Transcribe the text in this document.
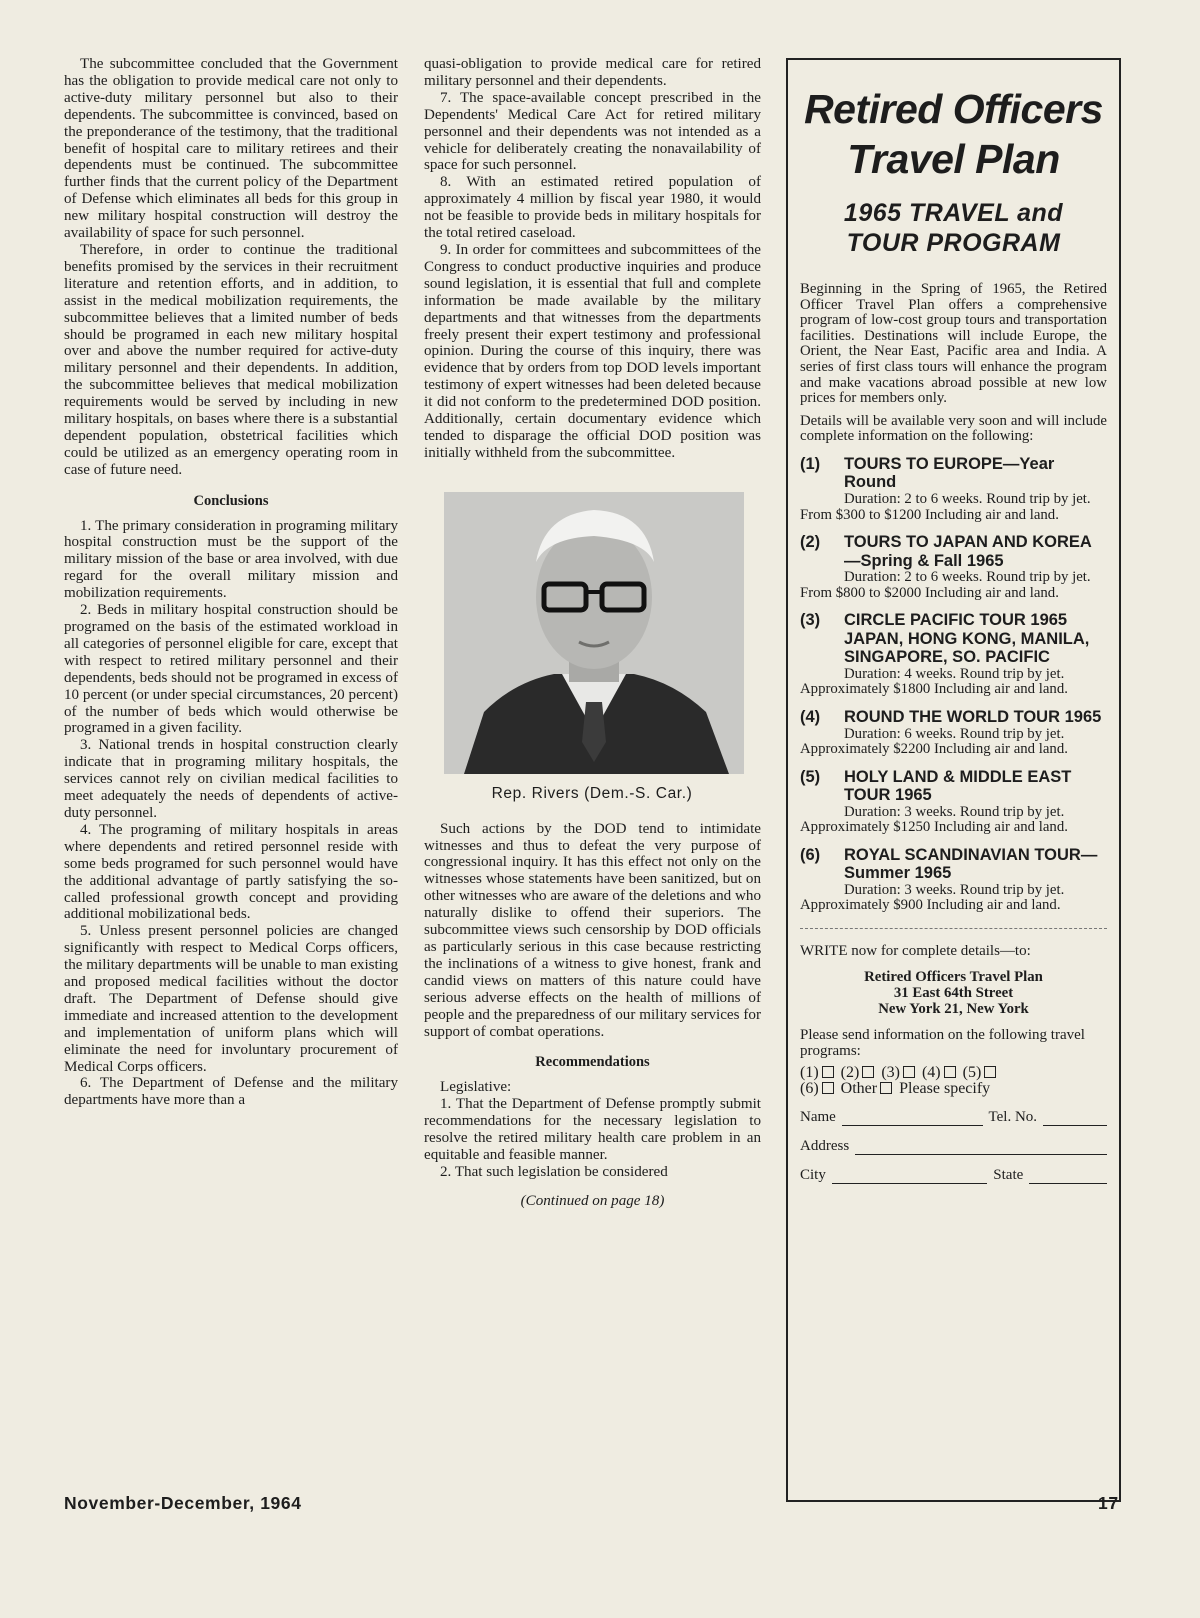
The subcommittee concluded that the Government has the obligation to provide medical care not only to active-duty military personnel but also to their dependents. The subcommittee is convinced, based on the preponderance of the testimony, that the traditional benefit of hospital care to military retirees and their dependents must be continued. The subcommittee further finds that the current policy of the Department of Defense which eliminates all beds for this group in new military hospital construction will destroy the availability of space for such personnel.

Therefore, in order to continue the traditional benefits promised by the services in their recruitment literature and retention efforts, and in addition, to assist in the medical mobilization requirements, the subcommittee believes that a limited number of beds should be programed in each new military hospital over and above the number required for active-duty military personnel and their dependents. In addition, the subcommittee believes that medical mobilization requirements would be served by including in new military hospitals, on bases where there is a substantial dependent population, obstetrical facilities which could be utilized as an emergency operating room in case of future need.

Conclusions

1. The primary consideration in programing military hospital construction must be the support of the military mission of the base or area involved, with due regard for the overall military mission and mobilization requirements.

2. Beds in military hospital construction should be programed on the basis of the estimated workload in all categories of personnel eligible for care, except that with respect to retired military personnel and their dependents, beds should not be programed in excess of 10 percent (or under special circumstances, 20 percent) of the number of beds which would otherwise be programed in a given facility.

3. National trends in hospital construction clearly indicate that in programing military hospitals, the services cannot rely on civilian medical facilities to meet adequately the needs of dependents of active-duty personnel.

4. The programing of military hospitals in areas where dependents and retired personnel reside with some beds programed for such personnel would have the additional advantage of partly satisfying the so-called professional growth concept and providing additional mobilizational beds.

5. Unless present personnel policies are changed significantly with respect to Medical Corps officers, the military departments will be unable to man existing and proposed medical facilities without the doctor draft. The Department of Defense should give immediate and increased attention to the development and implementation of uniform plans which will eliminate the need for involuntary procurement of Medical Corps officers.

6. The Department of Defense and the military departments have more than a

quasi-obligation to provide medical care for retired military personnel and their dependents.

7. The space-available concept prescribed in the Dependents' Medical Care Act for retired military personnel and their dependents was not intended as a vehicle for deliberately creating the nonavailability of space for such personnel.

8. With an estimated retired population of approximately 4 million by fiscal year 1980, it would not be feasible to provide beds in military hospitals for the total retired caseload.

9. In order for committees and subcommittees of the Congress to conduct productive inquiries and produce sound legislation, it is essential that full and complete information be made available by the military departments and that witnesses from the departments freely present their expert testimony and professional opinion. During the course of this inquiry, there was evidence that by orders from top DOD levels important testimony of expert witnesses had been deleted because it did not conform to the predetermined DOD position. Additionally, certain documentary evidence which tended to disparage the official DOD position was initially withheld from the subcommittee.

Rep. Rivers (Dem.-S. Car.)

Such actions by the DOD tend to intimidate witnesses and thus to defeat the very purpose of congressional inquiry. It has this effect not only on the witnesses whose statements have been sanitized, but on other witnesses who are aware of the deletions and who naturally dislike to offend their superiors. The subcommittee views such censorship by DOD officials as particularly serious in this case because restricting the inclinations of a witness to give honest, frank and candid views on matters of this nature could have serious adverse effects on the health of millions of people and the preparedness of our military services for support of combat operations.

Recommendations

Legislative:

1. That the Department of Defense promptly submit recommendations for the necessary legislation to resolve the retired military health care problem in an equitable and feasible manner.

2. That such legislation be considered

(Continued on page 18)
Retired Officers
Travel Plan
1965 TRAVEL and
TOUR PROGRAM

Beginning in the Spring of 1965, the Retired Officer Travel Plan offers a comprehensive program of low-cost group tours and transportation facilities. Destinations will include Europe, the Orient, the Near East, Pacific area and India. A series of first class tours will enhance the program and make vacations abroad possible at new low prices for members only.

Details will be available very soon and will include complete information on the following:

(1)	TOURS TO EUROPE—Year Round
Duration: 2 to 6 weeks. Round trip by jet.
From $300 to $1200 Including air and land.
(2)	TOURS TO JAPAN AND KOREA—Spring & Fall 1965
Duration: 2 to 6 weeks. Round trip by jet.
From $800 to $2000 Including air and land.
(3)	CIRCLE PACIFIC TOUR 1965 JAPAN, HONG KONG, MANILA, SINGAPORE, SO. PACIFIC
Duration: 4 weeks. Round trip by jet.
Approximately $1800 Including air and land.
(4)	ROUND THE WORLD TOUR 1965
Duration: 6 weeks. Round trip by jet.
Approximately $2200 Including air and land.
(5)	HOLY LAND & MIDDLE EAST TOUR 1965
Duration: 3 weeks. Round trip by jet.
Approximately $1250 Including air and land.
(6)	ROYAL SCANDINAVIAN TOUR—Summer 1965
Duration: 3 weeks. Round trip by jet.
Approximately $900 Including air and land.
WRITE now for complete details—to:
Retired Officers Travel Plan
31 East 64th Street
New York 21, New York
Please send information on the following travel programs:
(1) (2) (3) (4) (5)
(6) Other Please specify
Name	Tel. No.
Address
City	State
November-December, 1964	17
